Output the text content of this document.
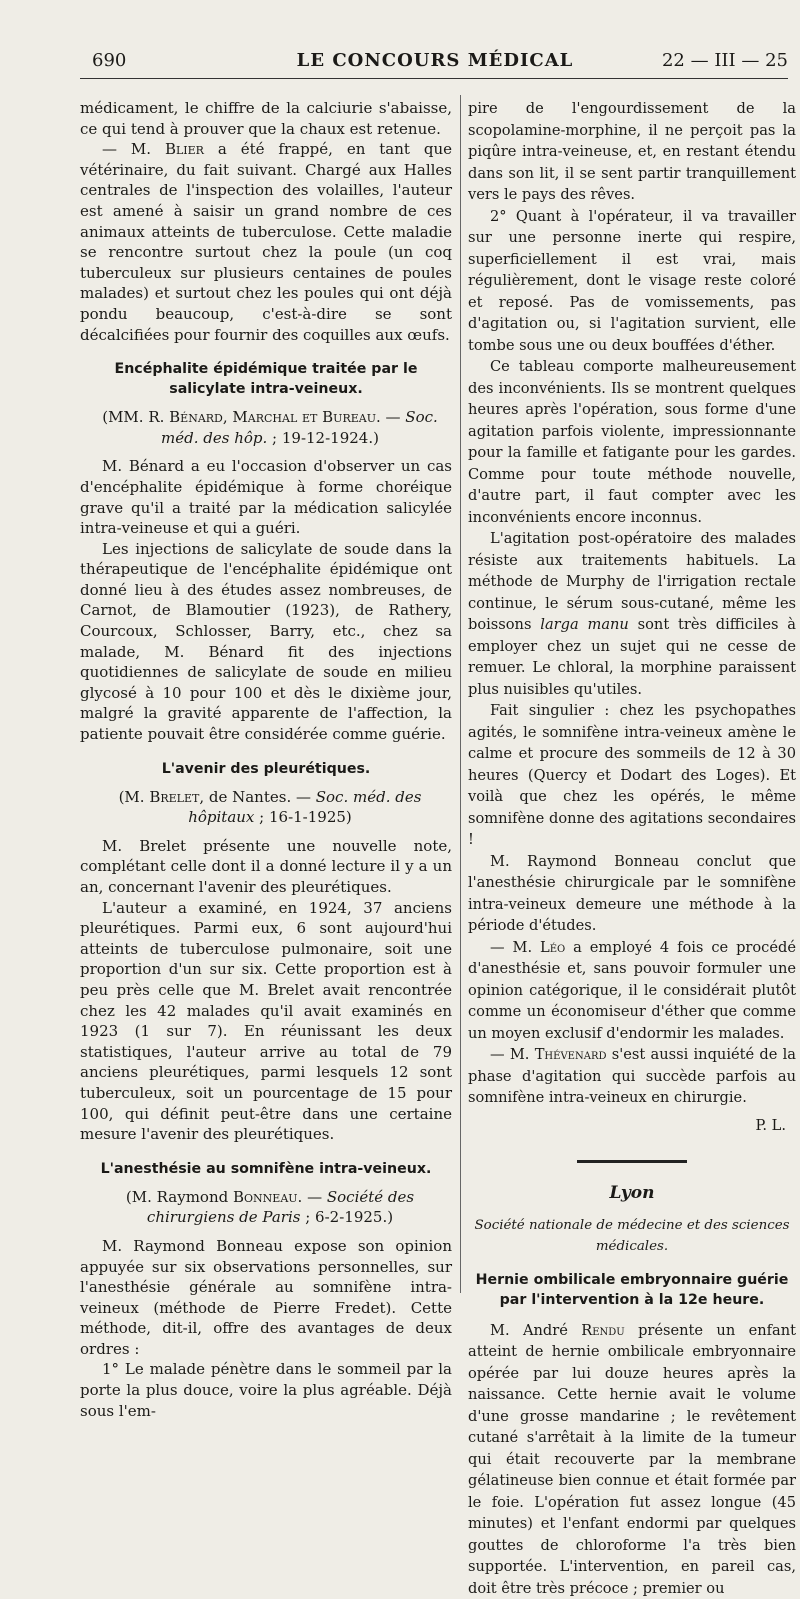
690	LE CONCOURS MÉDICAL	22 — III — 25

médicament, le chiffre de la calciurie s'abaisse, ce qui tend à prouver que la chaux est retenue.

— M. Blier a été frappé, en tant que vétérinaire, du fait suivant. Chargé aux Halles centrales de l'inspection des volailles, l'auteur est amené à saisir un grand nombre de ces animaux atteints de tuberculose. Cette maladie se rencontre surtout chez la poule (un coq tuberculeux sur plusieurs centaines de poules malades) et surtout chez les poules qui ont déjà pondu beaucoup, c'est-à-dire se sont décalcifiées pour fournir des coquilles aux œufs.

Encéphalite épidémique traitée par le salicylate intra-veineux.

(MM. R. Bénard, Marchal et Bureau. — Soc. méd. des hôp. ; 19-12-1924.)

M. Bénard a eu l'occasion d'observer un cas d'encéphalite épidémique à forme choréique grave qu'il a traité par la médication salicylée intra-veineuse et qui a guéri.

Les injections de salicylate de soude dans la thérapeutique de l'encéphalite épidémique ont donné lieu à des études assez nombreuses, de Carnot, de Blamoutier (1923), de Rathery, Courcoux, Schlosser, Barry, etc., chez sa malade, M. Bénard fit des injections quotidiennes de salicylate de soude en milieu glycosé à 10 pour 100 et dès le dixième jour, malgré la gravité apparente de l'affection, la patiente pouvait être considérée comme guérie.

L'avenir des pleurétiques.

(M. Brelet, de Nantes. — Soc. méd. des hôpitaux ; 16-1-1925)

M. Brelet présente une nouvelle note, complétant celle dont il a donné lecture il y a un an, concernant l'avenir des pleurétiques.

L'auteur a examiné, en 1924, 37 anciens pleurétiques. Parmi eux, 6 sont aujourd'hui atteints de tuberculose pulmonaire, soit une proportion d'un sur six. Cette proportion est à peu près celle que M. Brelet avait rencontrée chez les 42 malades qu'il avait examinés en 1923 (1 sur 7). En réunissant les deux statistiques, l'auteur arrive au total de 79 anciens pleurétiques, parmi lesquels 12 sont tuberculeux, soit un pourcentage de 15 pour 100, qui définit peut-être dans une certaine mesure l'avenir des pleurétiques.

L'anesthésie au somnifène intra-veineux.

(M. Raymond Bonneau. — Société des chirurgiens de Paris ; 6-2-1925.)

M. Raymond Bonneau expose son opinion appuyée sur six observations personnelles, sur l'anesthésie générale au somnifène intra-veineux (méthode de Pierre Fredet). Cette méthode, dit-il, offre des avantages de deux ordres :

1° Le malade pénètre dans le sommeil par la porte la plus douce, voire la plus agréable. Déjà sous l'em-

pire de l'engourdissement de la scopolamine-morphine, il ne perçoit pas la piqûre intra-veineuse, et, en restant étendu dans son lit, il se sent partir tranquillement vers le pays des rêves.

2° Quant à l'opérateur, il va travailler sur une personne inerte qui respire, superficiellement il est vrai, mais régulièrement, dont le visage reste coloré et reposé. Pas de vomissements, pas d'agitation ou, si l'agitation survient, elle tombe sous une ou deux bouffées d'éther.

Ce tableau comporte malheureusement des inconvénients. Ils se montrent quelques heures après l'opération, sous forme d'une agitation parfois violente, impressionnante pour la famille et fatigante pour les gardes. Comme pour toute méthode nouvelle, d'autre part, il faut compter avec les inconvénients encore inconnus.

L'agitation post-opératoire des malades résiste aux traitements habituels. La méthode de Murphy de l'irrigation rectale continue, le sérum sous-cutané, même les boissons larga manu sont très difficiles à employer chez un sujet qui ne cesse de remuer. Le chloral, la morphine paraissent plus nuisibles qu'utiles.

Fait singulier : chez les psychopathes agités, le somnifène intra-veineux amène le calme et procure des sommeils de 12 à 30 heures (Quercy et Dodart des Loges). Et voilà que chez les opérés, le même somnifène donne des agitations secondaires !

M. Raymond Bonneau conclut que l'anesthésie chirurgicale par le somnifène intra-veineux demeure une méthode à la période d'études.

— M. Léo a employé 4 fois ce procédé d'anesthésie et, sans pouvoir formuler une opinion catégorique, il le considérait plutôt comme un économiseur d'éther que comme un moyen exclusif d'endormir les malades.

— M. Thévenard s'est aussi inquiété de la phase d'agitation qui succède parfois au somnifène intra-veineux en chirurgie.

P. L.

Lyon
Société nationale de médecine et des sciences médicales.
Hernie ombilicale embryonnaire guérie par l'intervention à la 12e heure.

M. André Rendu présente un enfant atteint de hernie ombilicale embryonnaire opérée par lui douze heures après la naissance. Cette hernie avait le volume d'une grosse mandarine ; le revêtement cutané s'arrêtait à la limite de la tumeur qui était recouverte par la membrane gélatineuse bien connue et était formée par le foie. L'opération fut assez longue (45 minutes) et l'enfant endormi par quelques gouttes de chloroforme l'a très bien supportée. L'intervention, en pareil cas, doit être très précoce ; premier ou
